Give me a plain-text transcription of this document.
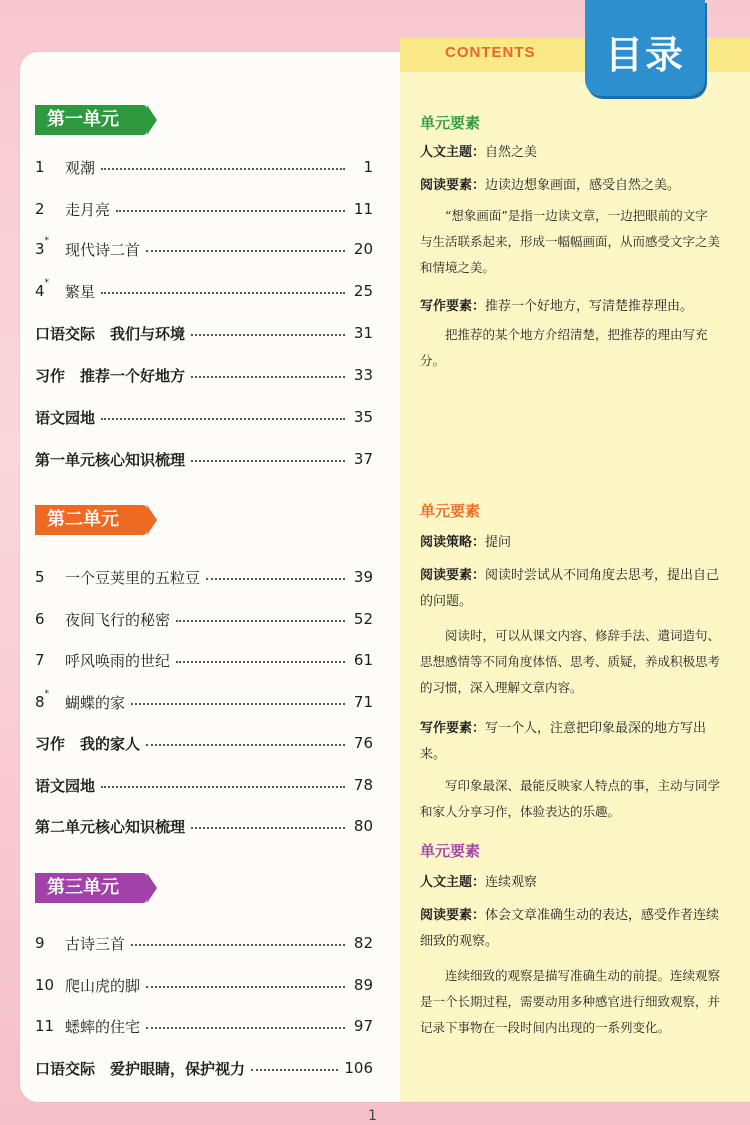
CONTENTS	目录
第一单元
第二单元
第三单元
1	观潮	1
2	走月亮	11
3 * 现代诗二首	20
4 * 繁星	25
口语交际　我们与环境	31
习作　推荐一个好地方	33
语文园地	35
第一单元核心知识梳理	37
5	一个豆荚里的五粒豆	39
6	夜间飞行的秘密	52
7	呼风唤雨的世纪	61
8 * 蝴蝶的家	71
习作　我的家人	76
语文园地	78
第二单元核心知识梳理	80
9	古诗三首	82
10 爬山虎的脚	89
11 蟋蟀的住宅	97
口语交际　爱护眼睛，保护视力	106
单元要素
人文主题：自然之美
阅读要素：边读边想象画面，感受自然之美。
“想象画面”是指一边读文章，一边把眼前的文字与生活联系起来，形成一幅幅画面，从而感受文字之美和情境之美。
写作要素：推荐一个好地方，写清楚推荐理由。
把推荐的某个地方介绍清楚，把推荐的理由写充分。
单元要素
阅读策略：提问
阅读要素：阅读时尝试从不同角度去思考，提出自己的问题。
阅读时，可以从课文内容、修辞手法、遣词造句、思想感情等不同角度体悟、思考、质疑，养成积极思考的习惯，深入理解文章内容。
写作要素：写一个人，注意把印象最深的地方写出来。
写印象最深、最能反映家人特点的事，主动与同学和家人分享习作，体验表达的乐趣。
单元要素
人文主题：连续观察
阅读要素：体会文章准确生动的表达，感受作者连续细致的观察。
连续细致的观察是描写准确生动的前提。连续观察是一个长期过程，需要动用多种感官进行细致观察，并记录下事物在一段时间内出现的一系列变化。
1
